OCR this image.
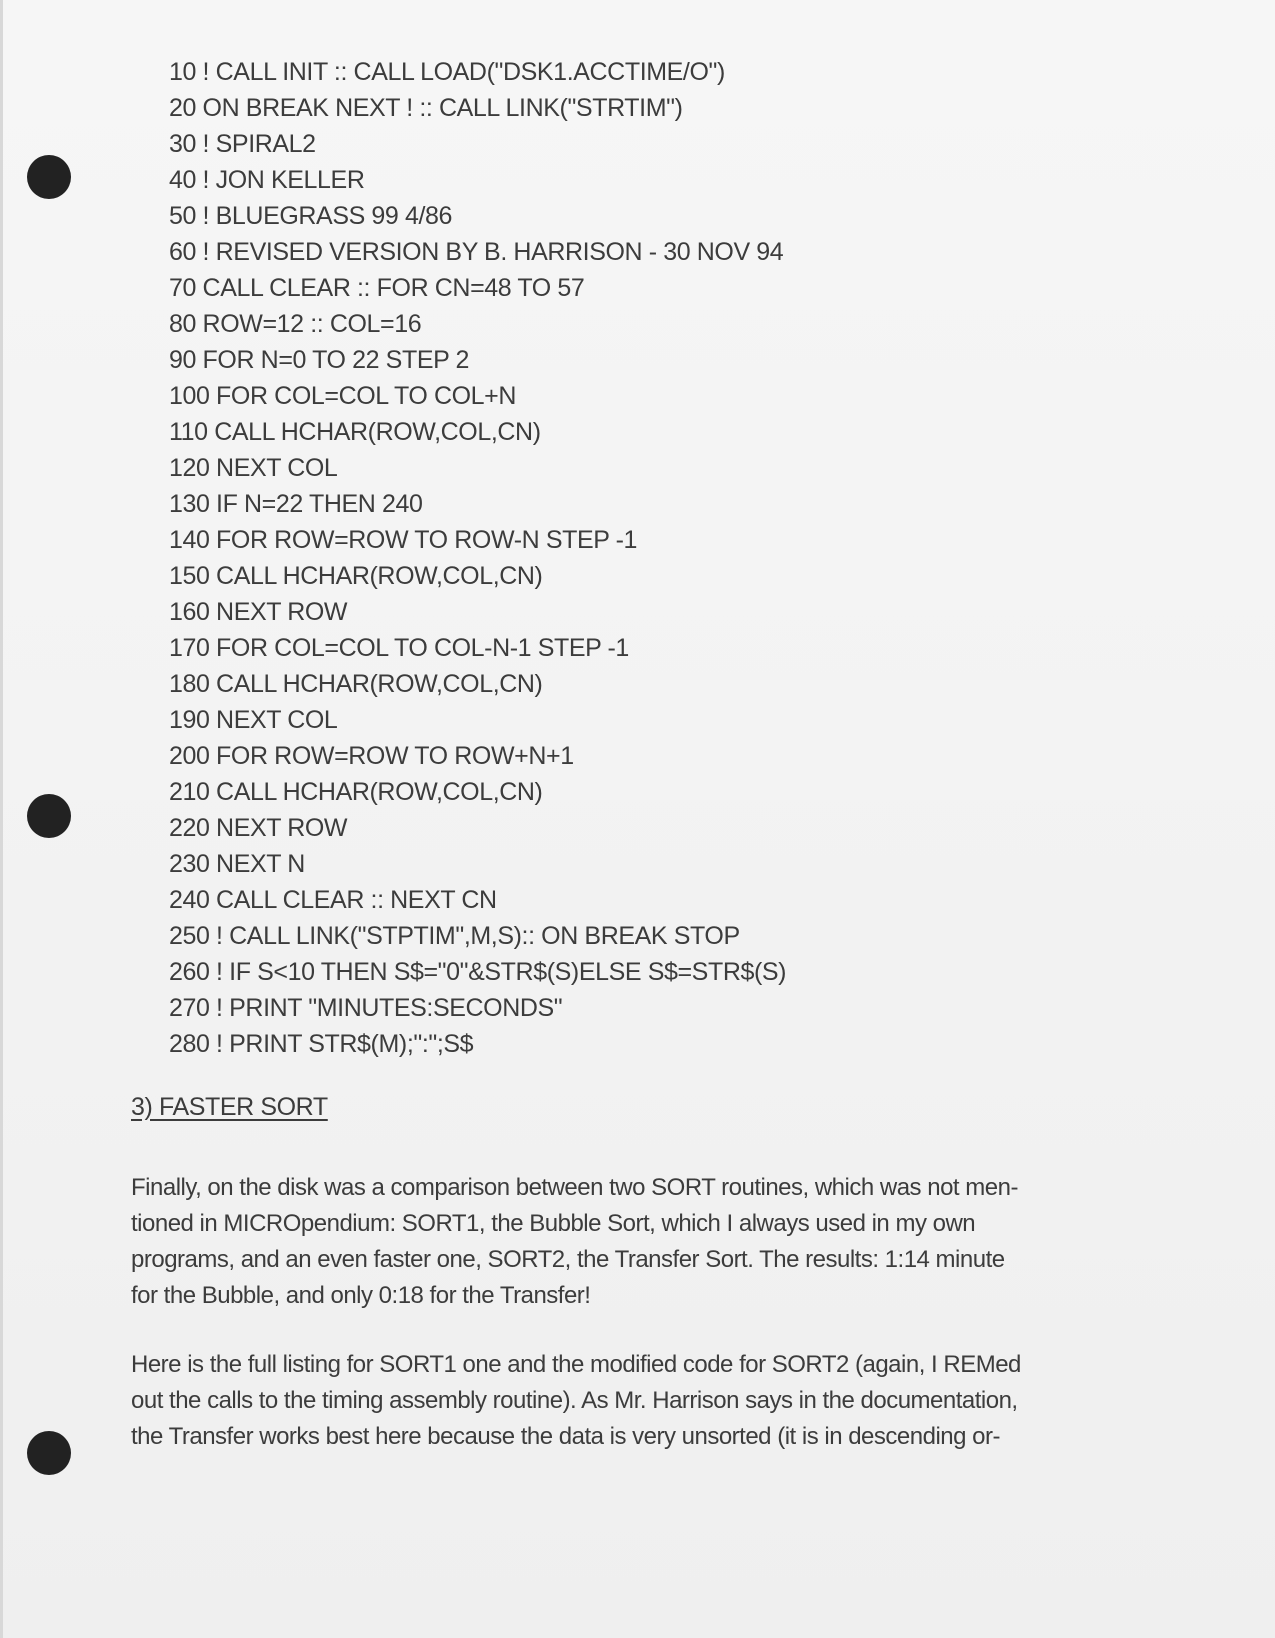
10 ! CALL INIT :: CALL LOAD("DSK1.ACCTIME/O")
20 ON BREAK NEXT ! :: CALL LINK("STRTIM")
30 ! SPIRAL2
40 ! JON KELLER
50 ! BLUEGRASS 99 4/86
60 ! REVISED VERSION BY B. HARRISON - 30 NOV 94
70 CALL CLEAR :: FOR CN=48 TO 57
80 ROW=12 :: COL=16
90 FOR N=0 TO 22 STEP 2
100 FOR COL=COL TO COL+N
110 CALL HCHAR(ROW,COL,CN)
120 NEXT COL
130 IF N=22 THEN 240
140 FOR ROW=ROW TO ROW-N STEP -1
150 CALL HCHAR(ROW,COL,CN)
160 NEXT ROW
170 FOR COL=COL TO COL-N-1 STEP -1
180 CALL HCHAR(ROW,COL,CN)
190 NEXT COL
200 FOR ROW=ROW TO ROW+N+1
210 CALL HCHAR(ROW,COL,CN)
220 NEXT ROW
230 NEXT N
240 CALL CLEAR :: NEXT CN
250 ! CALL LINK("STPTIM",M,S):: ON BREAK STOP
260 ! IF S<10 THEN S$="0"&STR$(S)ELSE S$=STR$(S)
270 ! PRINT "MINUTES:SECONDS"
280 ! PRINT STR$(M);":";S$
3) FASTER SORT

Finally, on the disk was a comparison between two SORT routines, which was not men-
tioned in MICROpendium: SORT1, the Bubble Sort, which I always used in my own
programs, and an even faster one, SORT2, the Transfer Sort. The results: 1:14 minute
for the Bubble, and only 0:18 for the Transfer!

Here is the full listing for SORT1 one and the modified code for SORT2 (again, I REMed
out the calls to the timing assembly routine). As Mr. Harrison says in the documentation,
the Transfer works best here because the data is very unsorted (it is in descending or-
